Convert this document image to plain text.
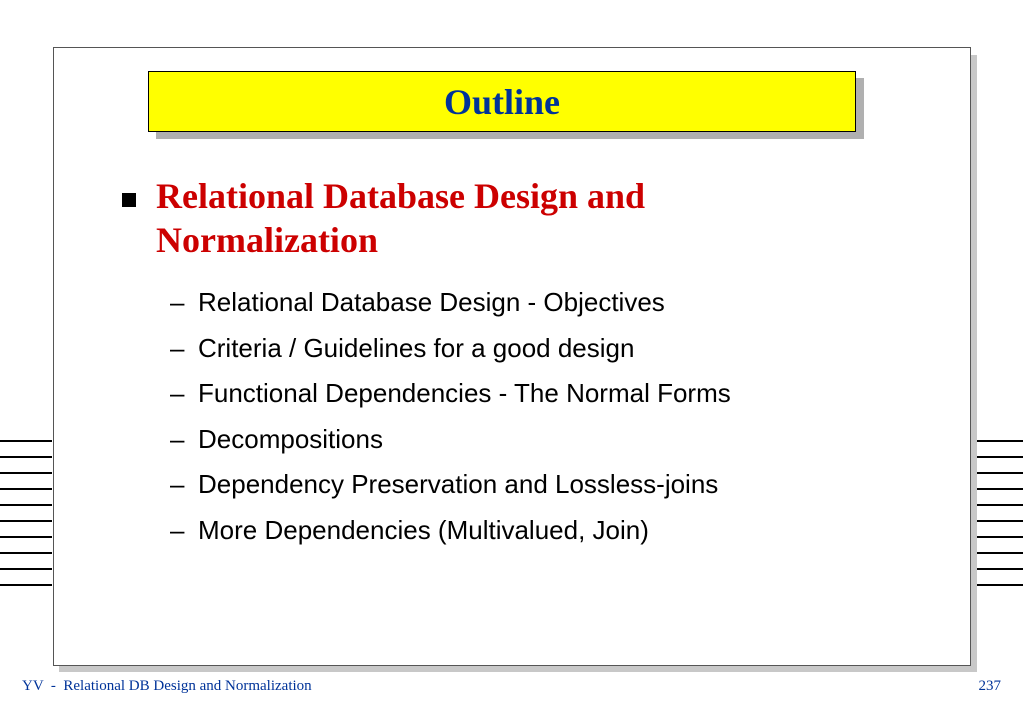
Outline
Relational Database Design and Normalization
– Relational Database Design - Objectives
– Criteria / Guidelines for a good design
– Functional Dependencies - The Normal Forms
– Decompositions
– Dependency Preservation and Lossless-joins
– More Dependencies (Multivalued, Join)
YV  -  Relational DB Design and Normalization	237
